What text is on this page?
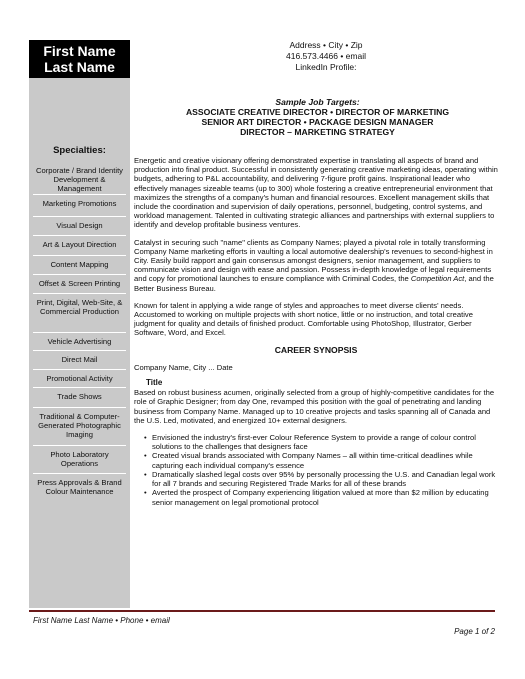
First Name
Last Name
Address • City • Zip
416.573.4466 • email
LinkedIn Profile:
Specialties:
Corporate / Brand Identity Development & Management
Marketing Promotions
Visual Design
Art & Layout Direction
Content Mapping
Offset & Screen Printing
Print, Digital, Web-Site, & Commercial Production
Vehicle Advertising
Direct Mail
Promotional Activity
Trade Shows
Traditional & Computer-Generated Photographic Imaging
Photo Laboratory Operations
Press Approvals & Brand Colour Maintenance
Sample Job Targets:
ASSOCIATE CREATIVE DIRECTOR • DIRECTOR OF MARKETING
SENIOR ART DIRECTOR • PACKAGE DESIGN MANAGER
DIRECTOR – MARKETING STRATEGY

Energetic and creative visionary offering demonstrated expertise in translating all aspects of brand and production into final product. Successful in consistently generating creative marketing ideas, operating within budgets, adhering to P&L accountability, and delivering 7-figure profit gains. Inspirational leader who effectively manages sizeable teams (up to 300) whole fostering a creative entrepreneurial environment that maximizes the strengths of a company's human and financial resources. Excellent management skills that include the coordination and supervision of daily operations, personnel, budgeting, control systems, and workload management. Talented in cultivating strategic alliances and partnerships with external suppliers to identify and develop profitable business ventures.

Catalyst in securing such "name" clients as Company Names; played a pivotal role in totally transforming Company Name marketing efforts in vaulting a local automotive dealership's revenues to second-highest in City. Easily build rapport and gain consensus amongst designers, senior management, and suppliers to communicate vision and design with ease and passion. Possess in-depth knowledge of legal requirements and copy for promotional launches to ensure compliance with Criminal Codes, the Competition Act, and the Better Business Bureau.

Known for talent in applying a wide range of styles and approaches to meet diverse clients' needs. Accustomed to working on multiple projects with short notice, little or no instruction, and total creative judgment for quality and details of finished product. Comfortable using PhotoShop, Illustrator, Gerber Software, Word, and Excel.

CAREER SYNOPSIS
Company Name, City ... Date
Title

Based on robust business acumen, originally selected from a group of highly-competitive candidates for the role of Graphic Designer; from day One, revamped this position with the goal of penetrating and landing business from Company Name. Managed up to 10 creative projects and tasks spanning all of Canada and the U.S. Led, motivated, and energized 10+ external designers.

• Envisioned the industry's first-ever Colour Reference System to provide a range of colour control solutions to the challenges that designers face
• Created visual brands associated with Company Names – all within time-critical deadlines while capturing each individual company's essence
• Dramatically slashed legal costs over 95% by personally processing the U.S. and Canadian legal work for all 7 brands and securing Registered Trade Marks for all of these brands
• Averted the prospect of Company experiencing litigation valued at more than $2 million by educating senior management on legal promotional protocol
First Name Last Name • Phone • email
Page 1 of 2
